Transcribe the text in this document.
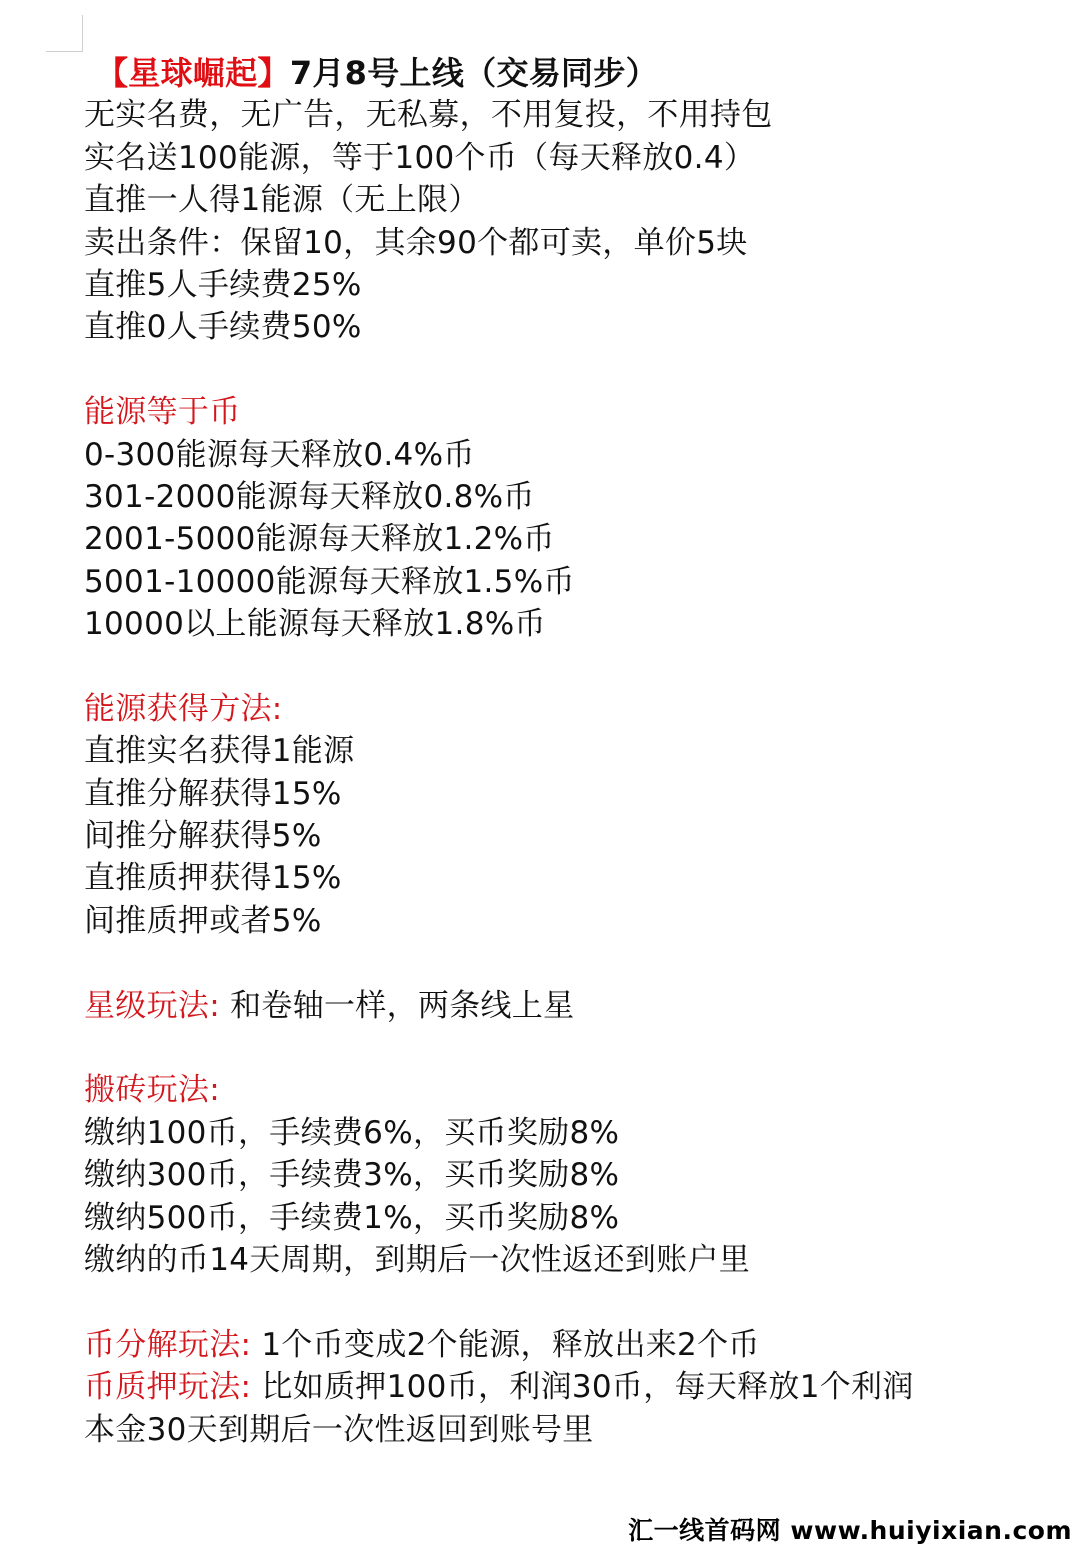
【星球崛起】7月8号上线（交易同步）
无实名费，无广告，无私募，不用复投，不用持包
实名送100能源，等于100个币（每天释放0.4）
直推一人得1能源（无上限）
卖出条件：保留10，其余90个都可卖，单价5块
直推5人手续费25%
直推0人手续费50%
能源等于币
0-300能源每天释放0.4%币
301-2000能源每天释放0.8%币
2001-5000能源每天释放1.2%币
5001-10000能源每天释放1.5%币
10000以上能源每天释放1.8%币
能源获得方法:
直推实名获得1能源
直推分解获得15%
间推分解获得5%
直推质押获得15%
间推质押或者5%
星级玩法: 和卷轴一样，两条线上星
搬砖玩法:
缴纳100币，手续费6%，买币奖励8%
缴纳300币，手续费3%，买币奖励8%
缴纳500币，手续费1%，买币奖励8%
缴纳的币14天周期，到期后一次性返还到账户里
币分解玩法: 1个币变成2个能源，释放出来2个币
币质押玩法: 比如质押100币，利润30币，每天释放1个利润
本金30天到期后一次性返回到账号里
汇一线首码网 www.huiyixian.com
